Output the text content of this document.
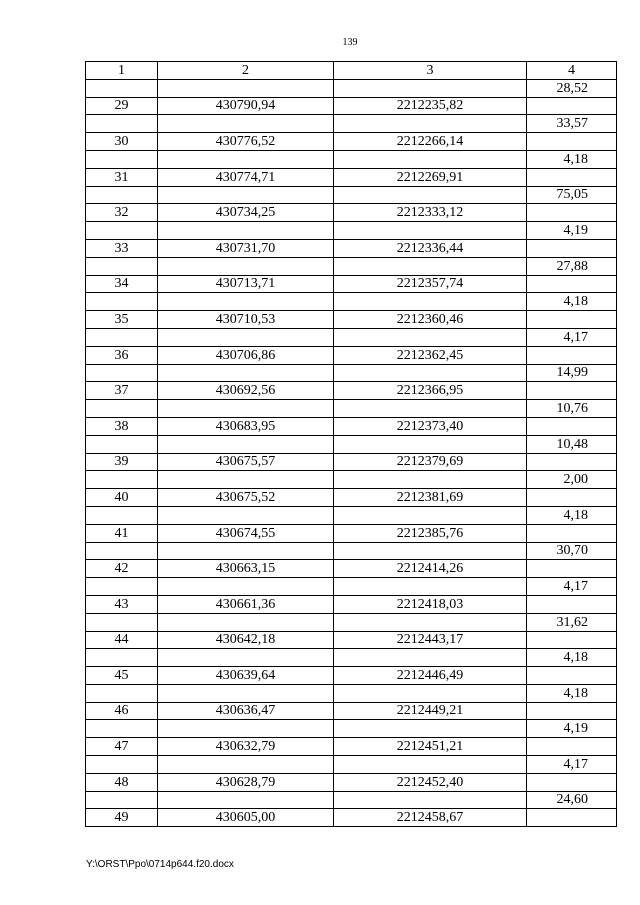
139
1	2	3	4
			28,52
29	430790,94	2212235,82	
			33,57
30	430776,52	2212266,14	
			4,18
31	430774,71	2212269,91	
			75,05
32	430734,25	2212333,12	
			4,19
33	430731,70	2212336,44	
			27,88
34	430713,71	2212357,74	
			4,18
35	430710,53	2212360,46	
			4,17
36	430706,86	2212362,45	
			14,99
37	430692,56	2212366,95	
			10,76
38	430683,95	2212373,40	
			10,48
39	430675,57	2212379,69	
			2,00
40	430675,52	2212381,69	
			4,18
41	430674,55	2212385,76	
			30,70
42	430663,15	2212414,26	
			4,17
43	430661,36	2212418,03	
			31,62
44	430642,18	2212443,17	
			4,18
45	430639,64	2212446,49	
			4,18
46	430636,47	2212449,21	
			4,19
47	430632,79	2212451,21	
			4,17
48	430628,79	2212452,40	
			24,60
49	430605,00	2212458,67	
Y:\ORST\Ppo\0714p644.f20.docx
